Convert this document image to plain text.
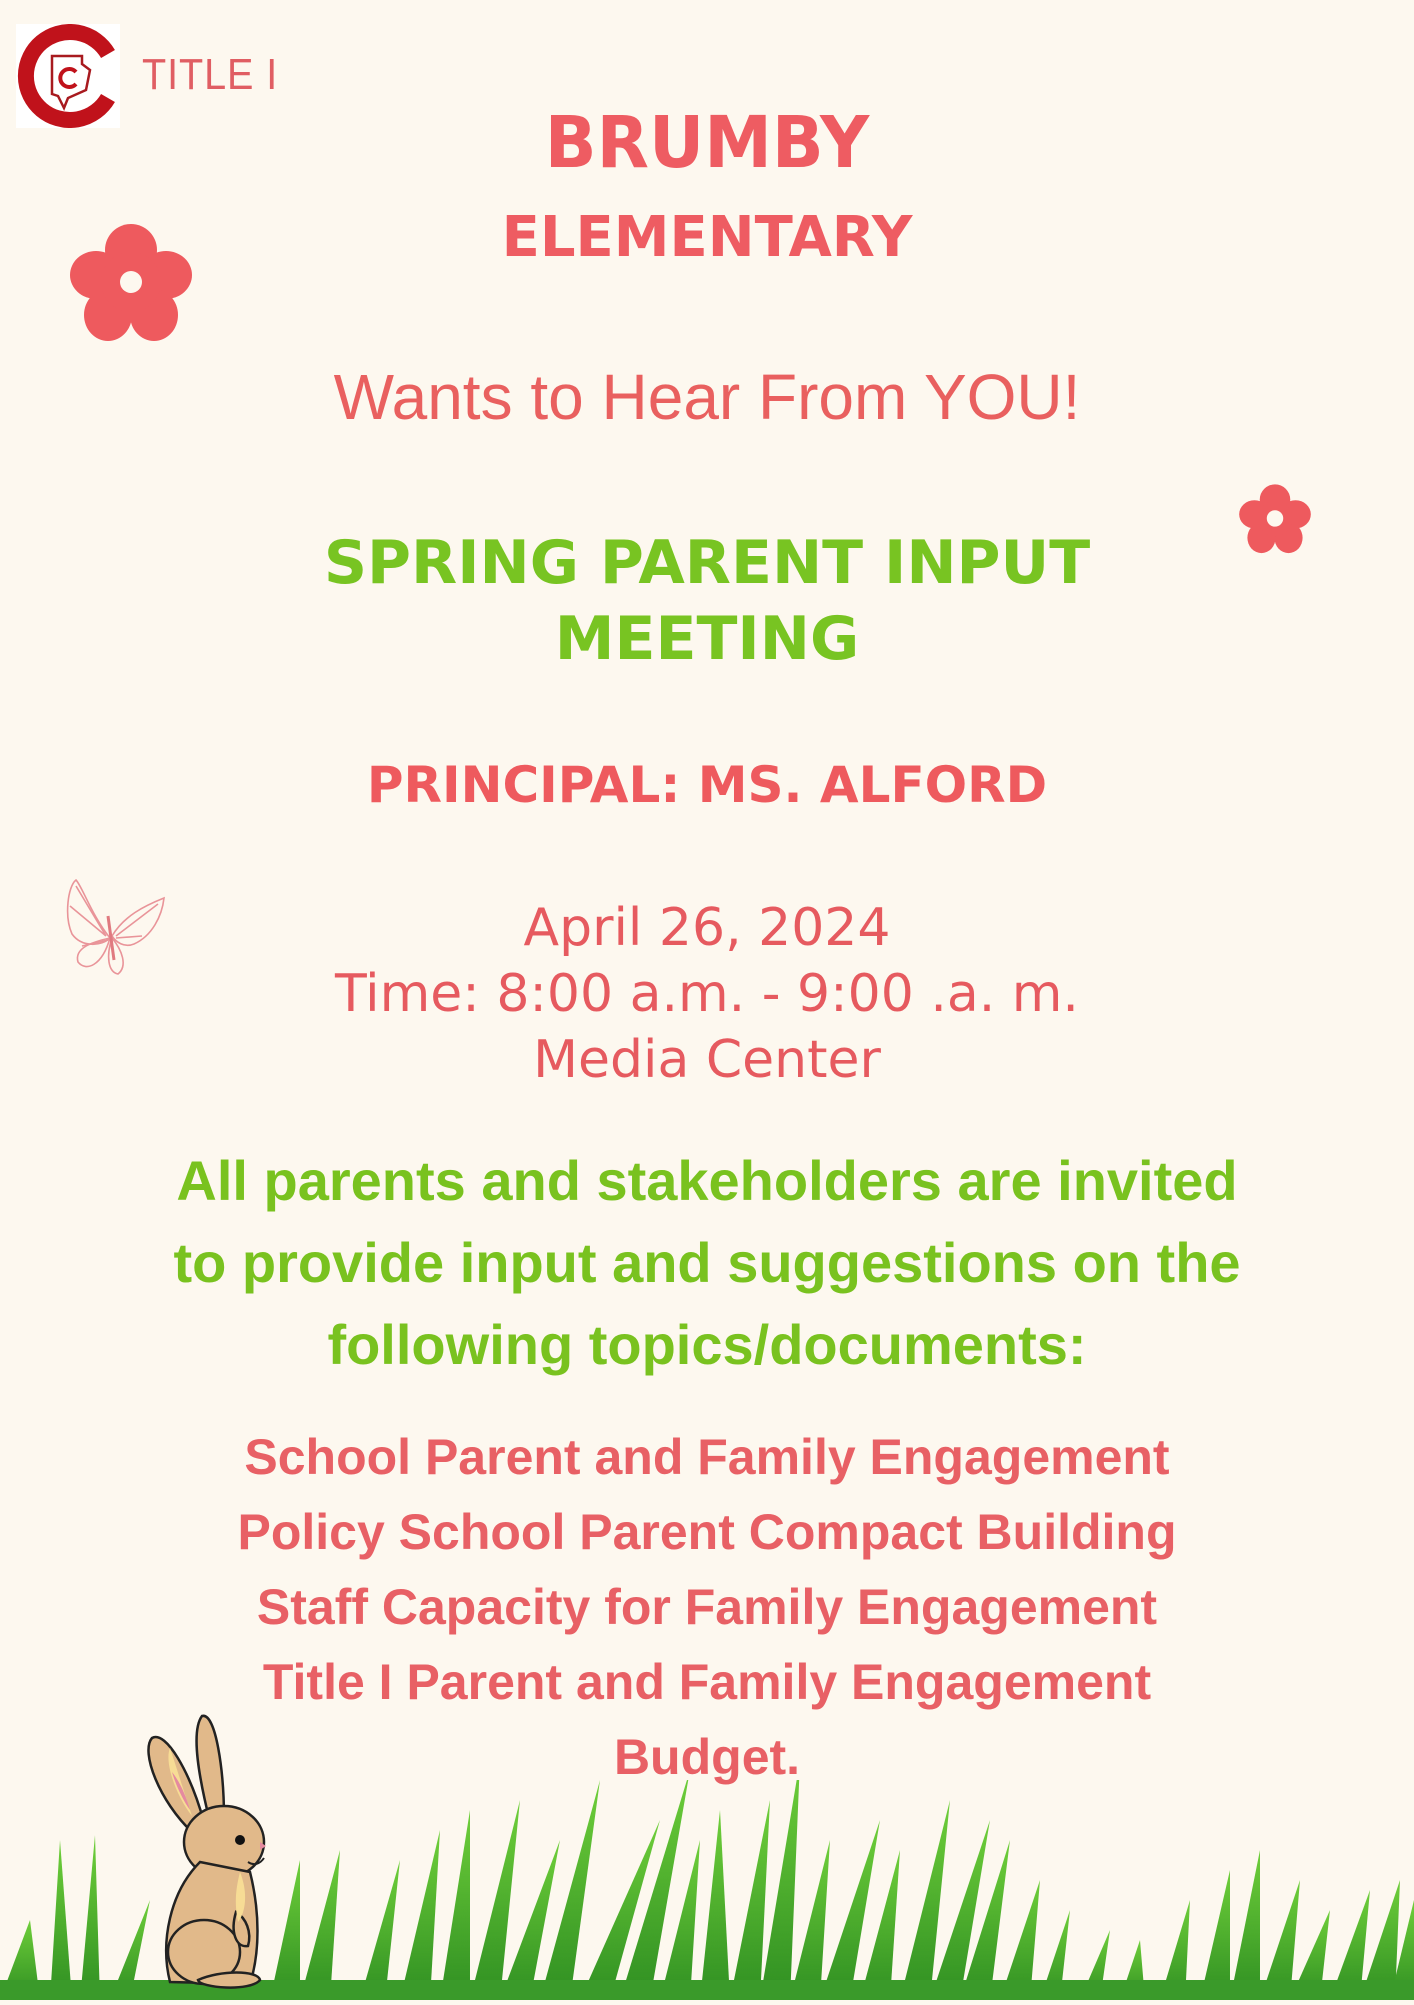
TITLE I
BRUMBY
ELEMENTARY
Wants to Hear From YOU!
SPRING PARENT INPUT
MEETING
PRINCIPAL: MS. ALFORD
April 26, 2024
Time: 8:00 a.m. - 9:00 .a. m.
Media Center
All parents and stakeholders are invited
to provide input and suggestions on the
following topics/documents:
School Parent and Family Engagement
Policy School Parent Compact Building
Staff Capacity for Family Engagement
Title I Parent and Family Engagement
Budget.
